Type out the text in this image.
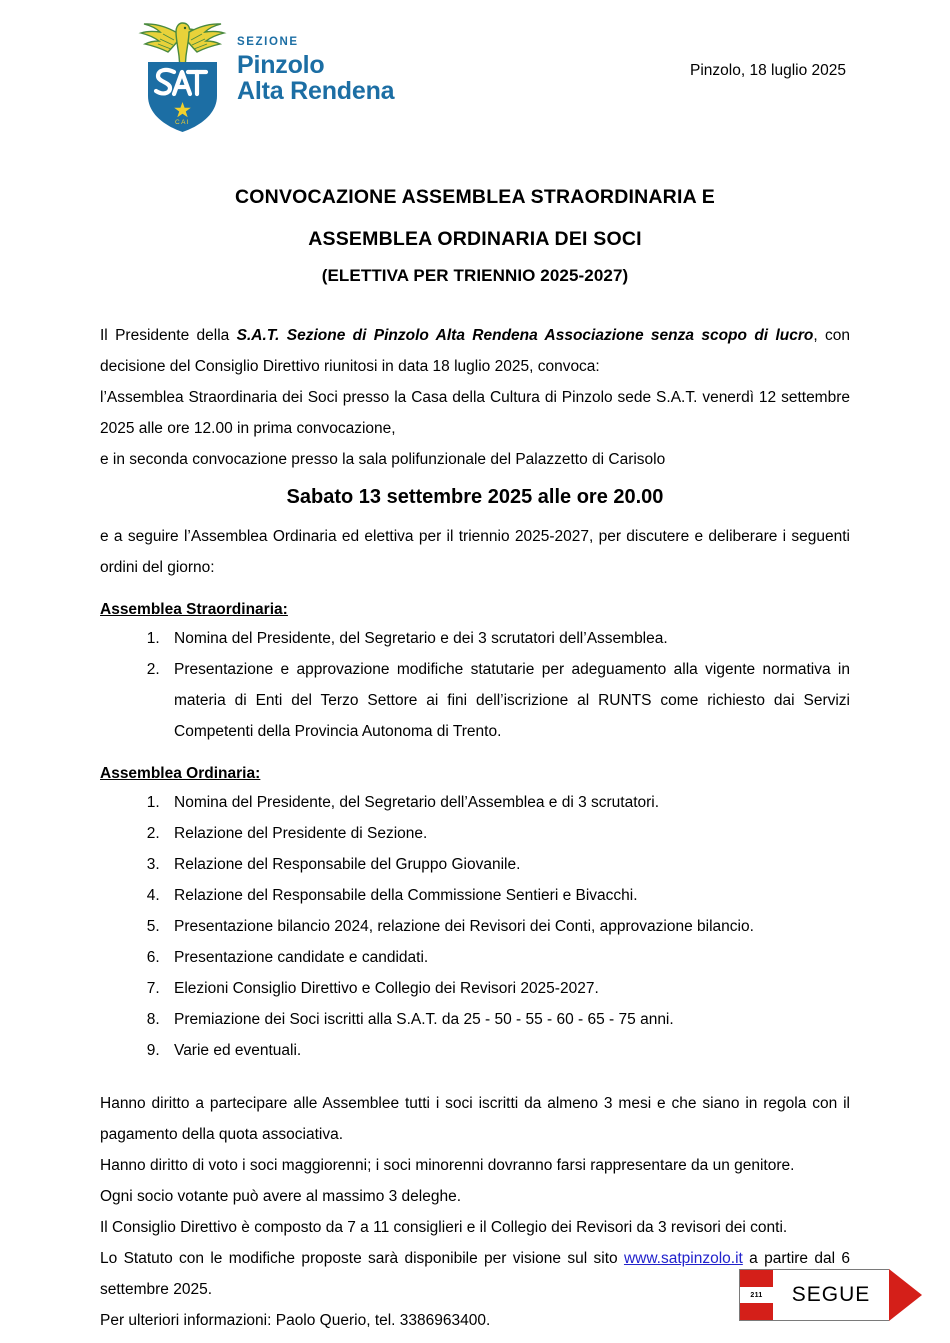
CAI
SEZIONE
Pinzolo
Alta Rendena
Pinzolo, 18 luglio 2025
CONVOCAZIONE ASSEMBLEA STRAORDINARIA E
ASSEMBLEA ORDINARIA DEI SOCI
(ELETTIVA PER TRIENNIO 2025-2027)

Il Presidente della S.A.T. Sezione di Pinzolo Alta Rendena Associazione senza scopo di lucro, con decisione del Consiglio Direttivo riunitosi in data 18 luglio 2025, convoca:

l’Assemblea Straordinaria dei Soci presso la Casa della Cultura di Pinzolo sede S.A.T. venerdì 12 settembre 2025 alle ore 12.00 in prima convocazione,

e in seconda convocazione presso la sala polifunzionale del Palazzetto di Carisolo

Sabato 13 settembre 2025 alle ore 20.00

e a seguire l’Assemblea Ordinaria ed elettiva per il triennio 2025-2027, per discutere e deliberare i seguenti ordini del giorno:

Assemblea Straordinaria:
1. Nomina del Presidente, del Segretario e dei 3 scrutatori dell’Assemblea.
2. Presentazione e approvazione modifiche statutarie per adeguamento alla vigente normativa in materia di Enti del Terzo Settore ai fini dell’iscrizione al RUNTS come richiesto dai Servizi Competenti della Provincia Autonoma di Trento.
Assemblea Ordinaria:
1. Nomina del Presidente, del Segretario dell’Assemblea e di 3 scrutatori.
2. Relazione del Presidente di Sezione.
3. Relazione del Responsabile del Gruppo Giovanile.
4. Relazione del Responsabile della Commissione Sentieri e Bivacchi.
5. Presentazione bilancio 2024, relazione dei Revisori dei Conti, approvazione bilancio.
6. Presentazione candidate e candidati.
7. Elezioni Consiglio Direttivo e Collegio dei Revisori 2025-2027.
8. Premiazione dei Soci iscritti alla S.A.T. da 25 - 50 - 55 - 60 - 65 - 75 anni.
9. Varie ed eventuali.

Hanno diritto a partecipare alle Assemblee tutti i soci iscritti da almeno 3 mesi e che siano in regola con il pagamento della quota associativa.

Hanno diritto di voto i soci maggiorenni; i soci minorenni dovranno farsi rappresentare da un genitore.

Ogni socio votante può avere al massimo 3 deleghe.

Il Consiglio Direttivo è composto da 7 a 11 consiglieri e il Collegio dei Revisori da 3 revisori dei conti.

Lo Statuto con le modifiche proposte sarà disponibile per visione sul sito www.satpinzolo.it a partire dal 6 settembre 2025.

Per ulteriori informazioni: Paolo Querio, tel. 3386963400.

211	SEGUE
